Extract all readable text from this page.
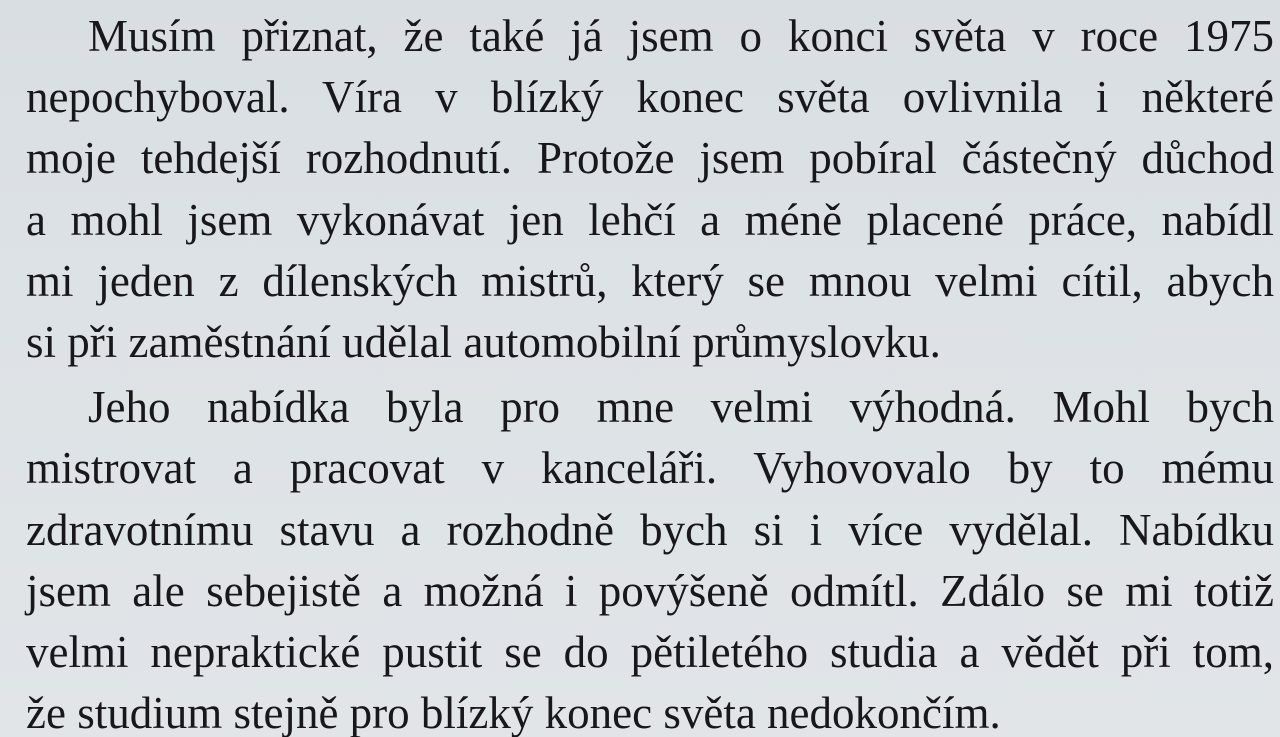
Musím přiznat, že také já jsem o konci světa v roce 1975
nepochyboval. Víra v blízký konec světa ovlivnila i některé
moje tehdejší rozhodnutí. Protože jsem pobíral částečný důchod
a mohl jsem vykonávat jen lehčí a méně placené práce, nabídl
mi jeden z dílenských mistrů, který se mnou velmi cítil, abych
si při zaměstnání udělal automobilní průmyslovku.
Jeho nabídka byla pro mne velmi výhodná. Mohl bych
mistrovat a pracovat v kanceláři. Vyhovovalo by to mému
zdravotnímu stavu a rozhodně bych si i více vydělal. Nabídku
jsem ale sebejistě a možná i povýšeně odmítl. Zdálo se mi totiž
velmi nepraktické pustit se do pětiletého studia a vědět při tom,
že studium stejně pro blízký konec světa nedokončím.
